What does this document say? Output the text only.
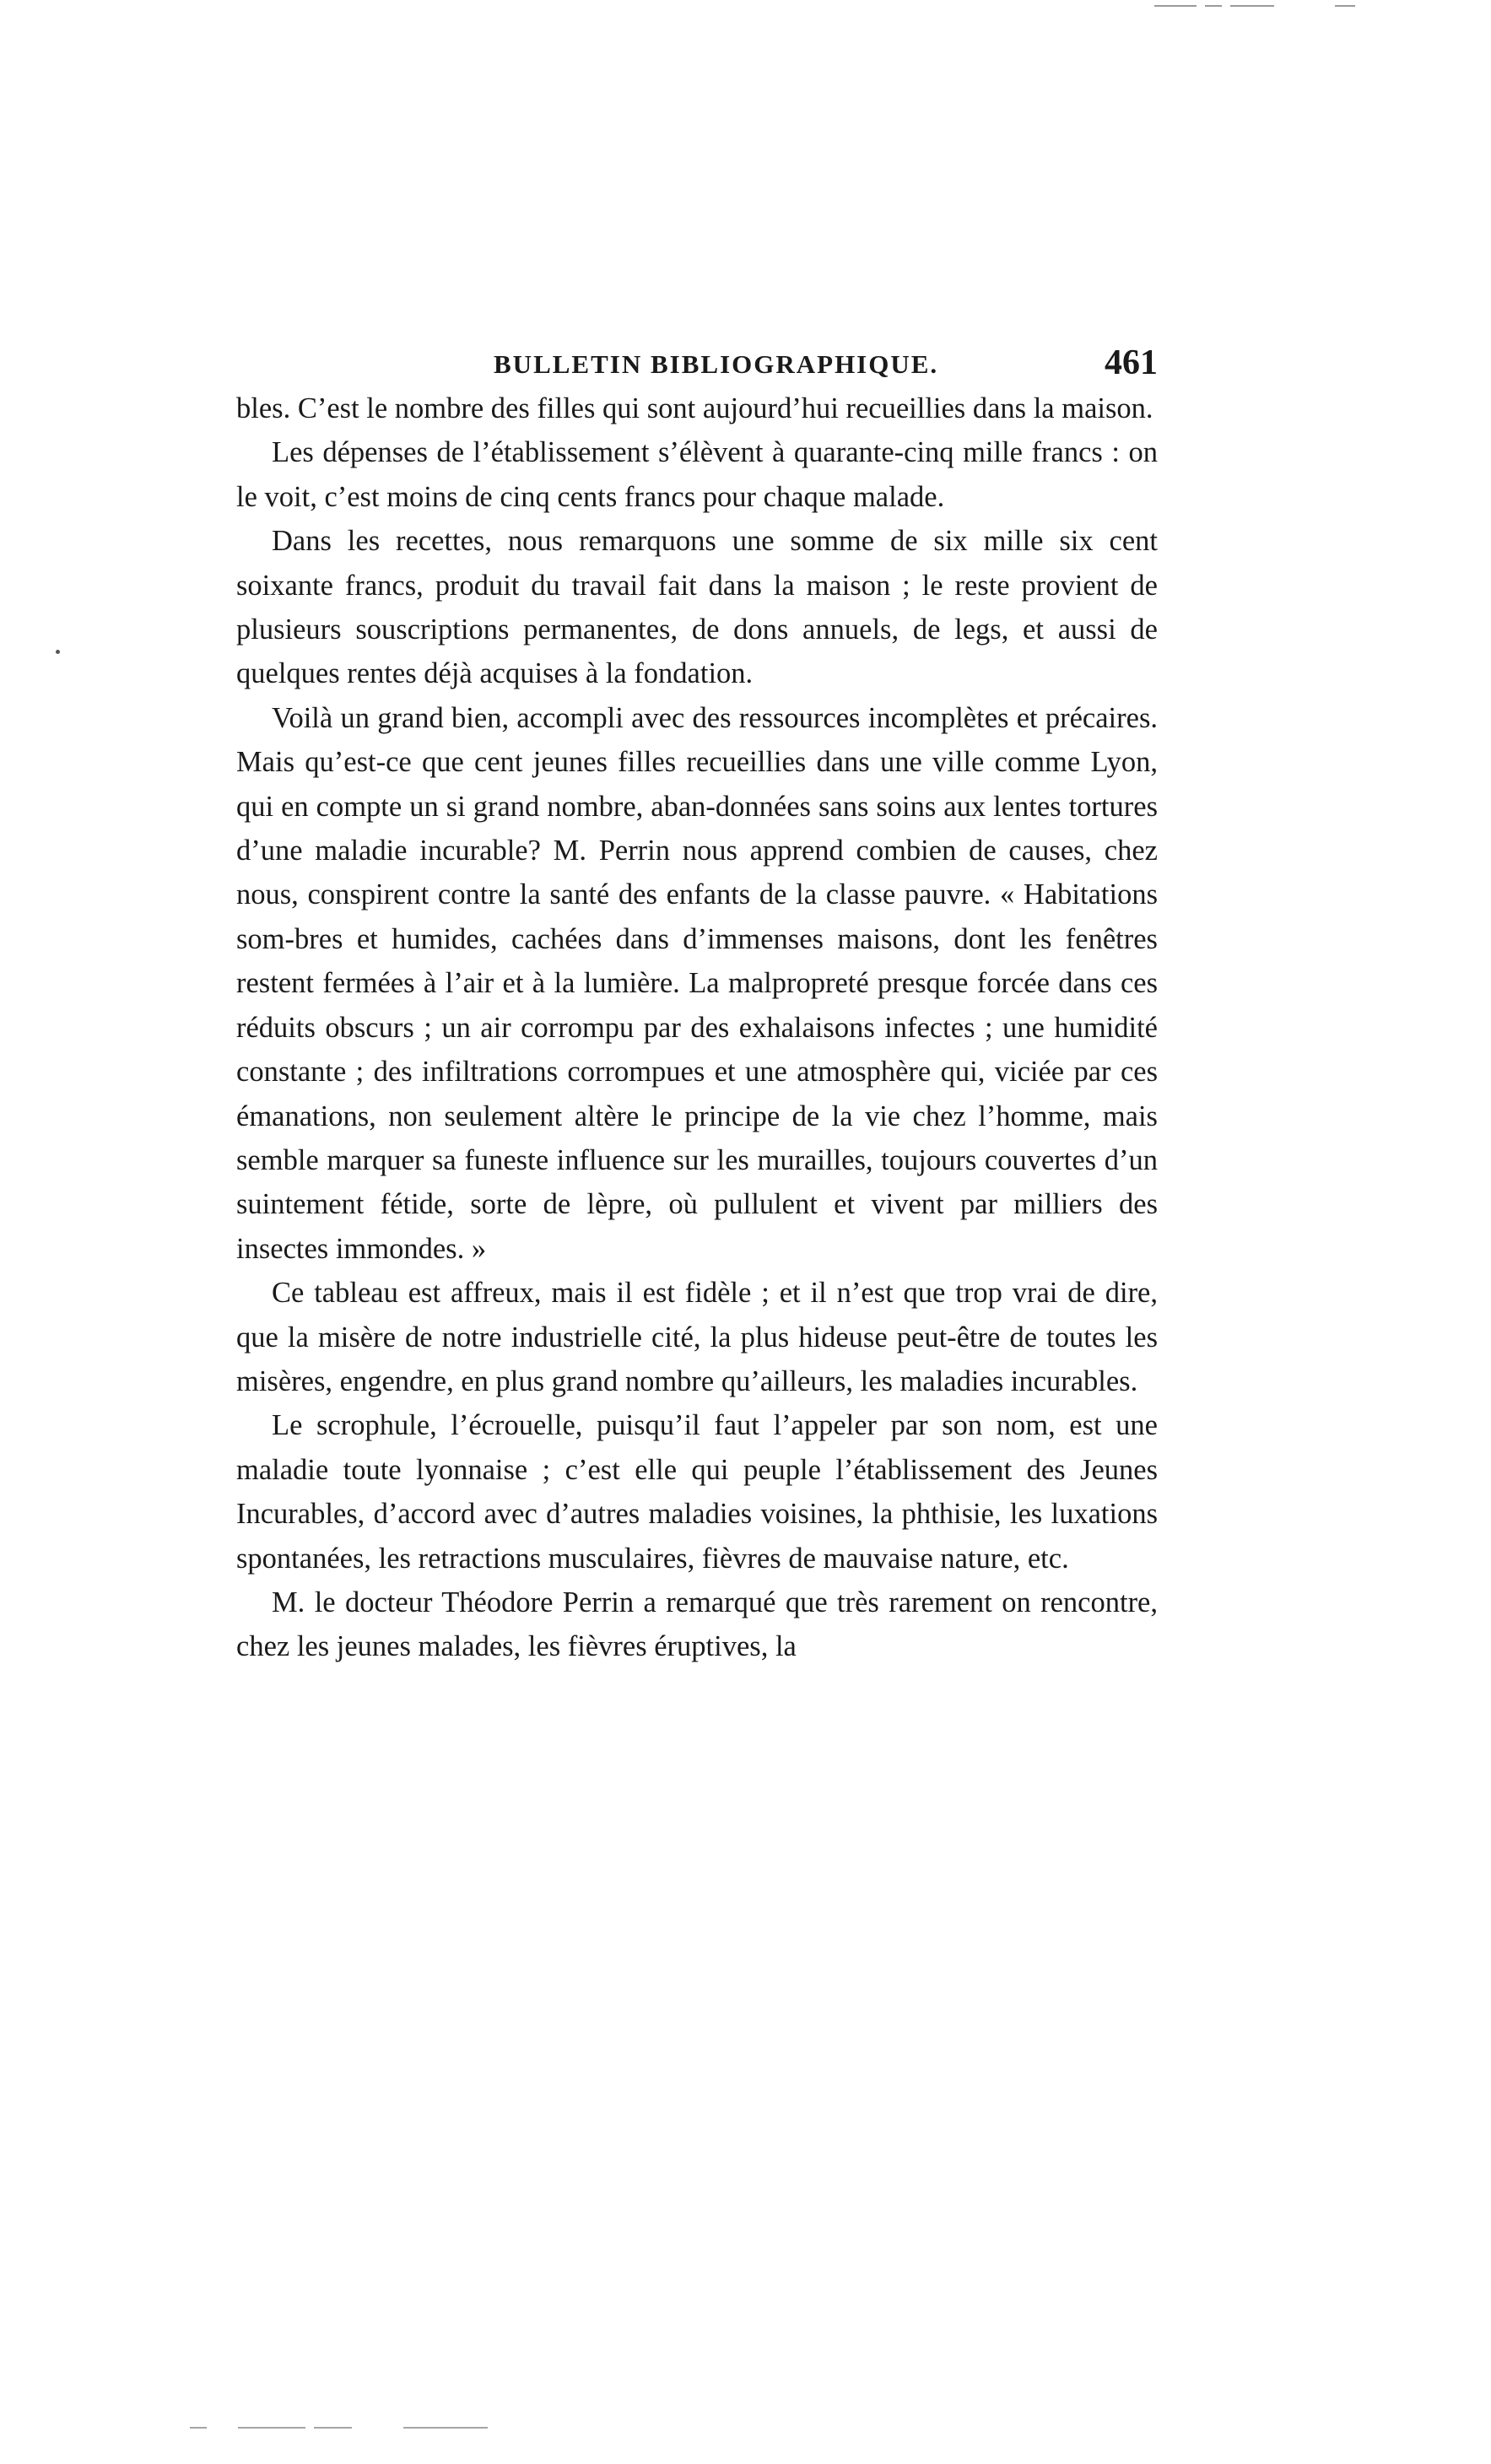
BULLETIN BIBLIOGRAPHIQUE.	461

bles. C’est le nombre des filles qui sont aujourd’hui recueillies dans la maison.

Les dépenses de l’établissement s’élèvent à quarante-cinq mille francs : on le voit, c’est moins de cinq cents francs pour chaque malade.

Dans les recettes, nous remarquons une somme de six mille six cent soixante francs, produit du travail fait dans la maison ; le reste provient de plusieurs souscriptions permanentes, de dons annuels, de legs, et aussi de quelques rentes déjà acquises à la fondation.

Voilà un grand bien, accompli avec des ressources incomplètes et précaires. Mais qu’est-ce que cent jeunes filles recueillies dans une ville comme Lyon, qui en compte un si grand nombre, aban-données sans soins aux lentes tortures d’une maladie incurable? M. Perrin nous apprend combien de causes, chez nous, conspirent contre la santé des enfants de la classe pauvre. « Habitations som-bres et humides, cachées dans d’immenses maisons, dont les fenêtres restent fermées à l’air et à la lumière. La malpropreté presque forcée dans ces réduits obscurs ; un air corrompu par des exhalaisons infectes ; une humidité constante ; des infiltrations corrompues et une atmosphère qui, viciée par ces émanations, non seulement altère le principe de la vie chez l’homme, mais semble marquer sa funeste influence sur les murailles, toujours couvertes d’un suintement fétide, sorte de lèpre, où pullulent et vivent par milliers des insectes immondes. »

Ce tableau est affreux, mais il est fidèle ; et il n’est que trop vrai de dire, que la misère de notre industrielle cité, la plus hideuse peut-être de toutes les misères, engendre, en plus grand nombre qu’ailleurs, les maladies incurables.

Le scrophule, l’écrouelle, puisqu’il faut l’appeler par son nom, est une maladie toute lyonnaise ; c’est elle qui peuple l’établissement des Jeunes Incurables, d’accord avec d’autres maladies voisines, la phthisie, les luxations spontanées, les retractions musculaires, fièvres de mauvaise nature, etc.

M. le docteur Théodore Perrin a remarqué que très rarement on rencontre, chez les jeunes malades, les fièvres éruptives, la
